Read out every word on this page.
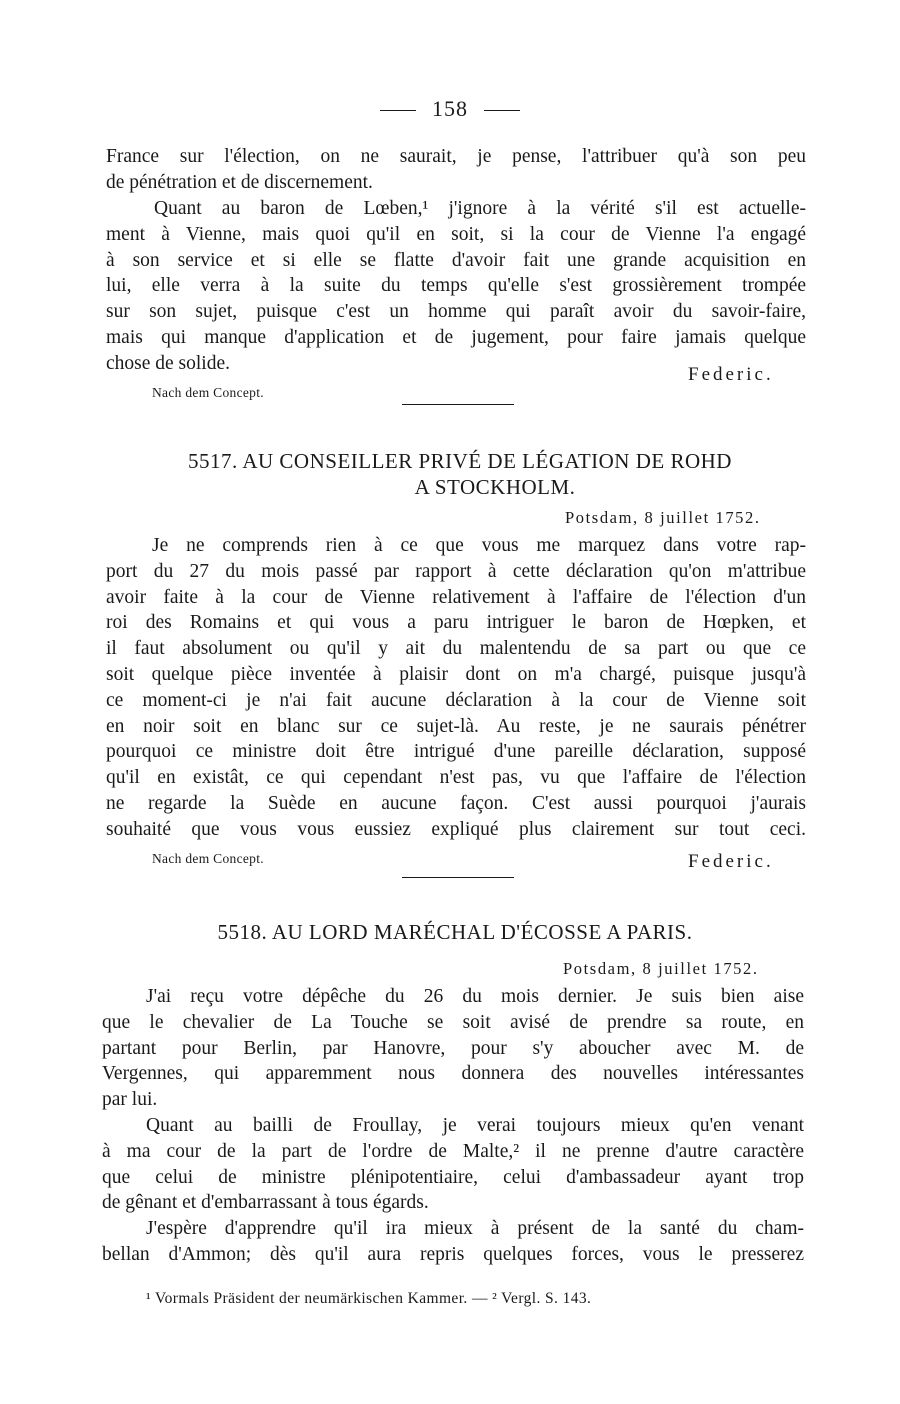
158
France sur l'élection, on ne saurait, je pense, l'attribuer qu'à son peu
de pénétration et de discernement.
Quant au baron de Lœben,¹ j'ignore à la vérité s'il est actuelle-
ment à Vienne, mais quoi qu'il en soit, si la cour de Vienne l'a engagé
à son service et si elle se flatte d'avoir fait une grande acquisition en
lui, elle verra à la suite du temps qu'elle s'est grossièrement trompée
sur son sujet, puisque c'est un homme qui paraît avoir du savoir-faire,
mais qui manque d'application et de jugement, pour faire jamais quelque
chose de solide.
Federic.
Nach dem Concept.
5517. AU CONSEILLER PRIVÉ DE LÉGATION DE ROHD
A STOCKHOLM.
Potsdam, 8 juillet 1752.
Je ne comprends rien à ce que vous me marquez dans votre rap-
port du 27 du mois passé par rapport à cette déclaration qu'on m'attribue
avoir faite à la cour de Vienne relativement à l'affaire de l'élection d'un
roi des Romains et qui vous a paru intriguer le baron de Hœpken, et
il faut absolument ou qu'il y ait du malentendu de sa part ou que ce
soit quelque pièce inventée à plaisir dont on m'a chargé, puisque jusqu'à
ce moment-ci je n'ai fait aucune déclaration à la cour de Vienne soit
en noir soit en blanc sur ce sujet-là. Au reste, je ne saurais pénétrer
pourquoi ce ministre doit être intrigué d'une pareille déclaration, supposé
qu'il en existât, ce qui cependant n'est pas, vu que l'affaire de l'élection
ne regarde la Suède en aucune façon. C'est aussi pourquoi j'aurais
souhaité que vous vous eussiez expliqué plus clairement sur tout ceci.
Nach dem Concept.	Federic.
5518. AU LORD MARÉCHAL D'ÉCOSSE A PARIS.
Potsdam, 8 juillet 1752.
J'ai reçu votre dépêche du 26 du mois dernier. Je suis bien aise
que le chevalier de La Touche se soit avisé de prendre sa route, en
partant pour Berlin, par Hanovre, pour s'y aboucher avec M. de
Vergennes, qui apparemment nous donnera des nouvelles intéressantes
par lui.
Quant au bailli de Froullay, je verai toujours mieux qu'en venant
à ma cour de la part de l'ordre de Malte,² il ne prenne d'autre caractère
que celui de ministre plénipotentiaire, celui d'ambassadeur ayant trop
de gênant et d'embarrassant à tous égards.
J'espère d'apprendre qu'il ira mieux à présent de la santé du cham-
bellan d'Ammon; dès qu'il aura repris quelques forces, vous le presserez
¹ Vormals Präsident der neumärkischen Kammer. — ² Vergl. S. 143.
